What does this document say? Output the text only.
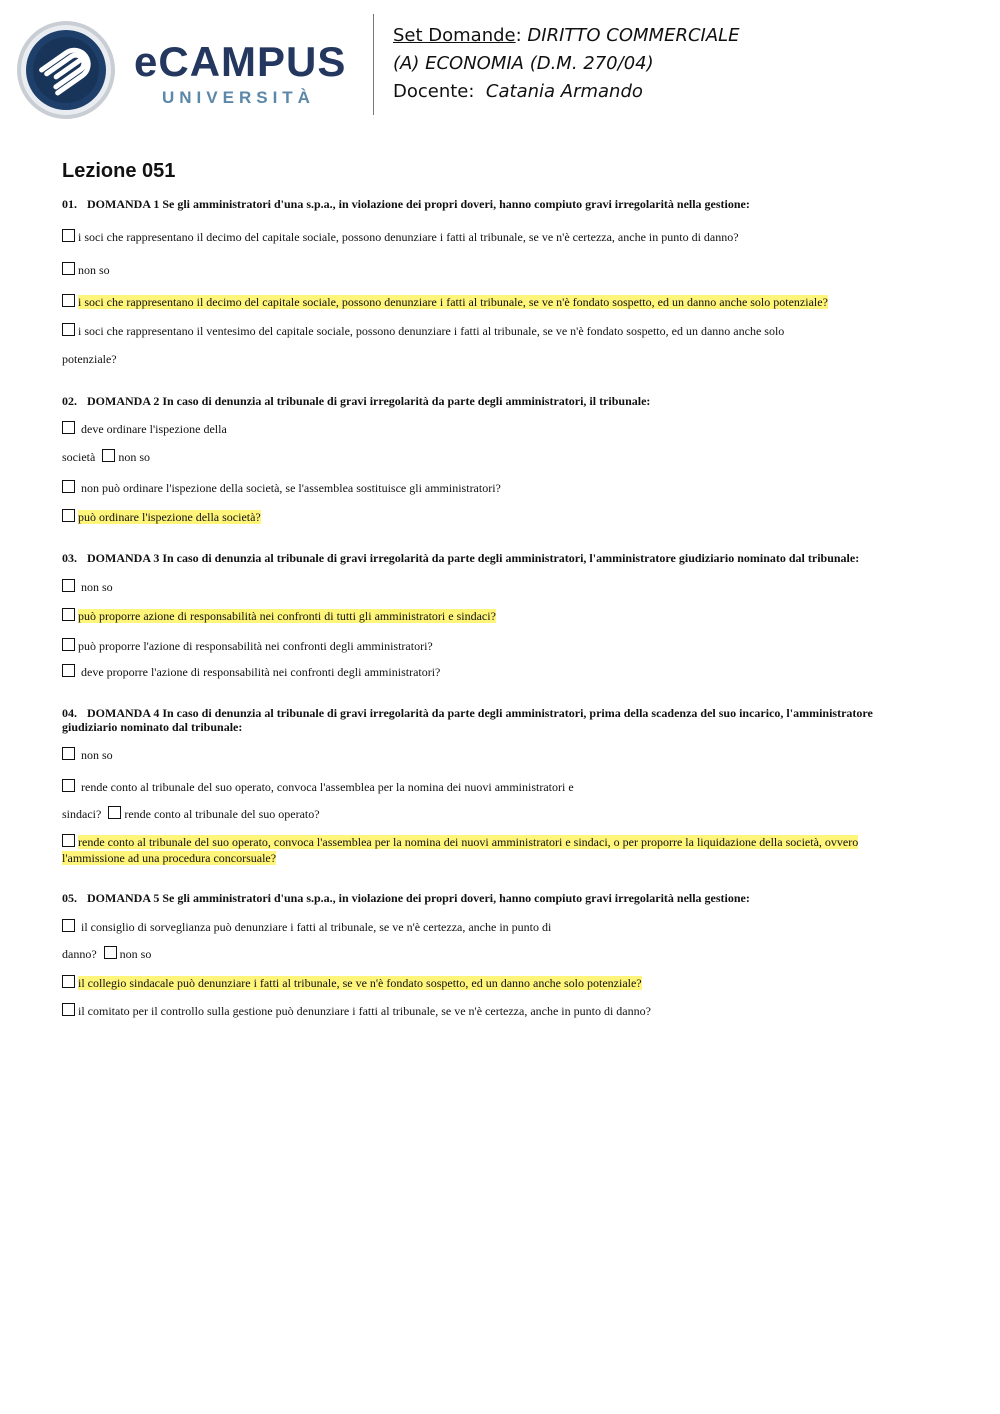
eCAMPUS
UNIVERSITÀ
Set Domande: DIRITTO COMMERCIALE
(A) ECONOMIA (D.M. 270/04)
Docente: Catania Armando
Lezione 051
01. DOMANDA 1 Se gli amministratori d'una s.p.a., in violazione dei propri doveri, hanno compiuto gravi irregolarità nella gestione:
i soci che rappresentano il decimo del capitale sociale, possono denunziare i fatti al tribunale, se ve n'è certezza, anche in punto di danno?
non so
i soci che rappresentano il decimo del capitale sociale, possono denunziare i fatti al tribunale, se ve n'è fondato sospetto, ed un danno anche solo potenziale?
i soci che rappresentano il ventesimo del capitale sociale, possono denunziare i fatti al tribunale, se ve n'è fondato sospetto, ed un danno anche solo
potenziale?
02. DOMANDA 2 In caso di denunzia al tribunale di gravi irregolarità da parte degli amministratori, il tribunale:
deve ordinare l'ispezione della
società non so
non può ordinare l'ispezione della società, se l'assemblea sostituisce gli amministratori?
può ordinare l'ispezione della società?
03. DOMANDA 3 In caso di denunzia al tribunale di gravi irregolarità da parte degli amministratori, l'amministratore giudiziario nominato dal tribunale:
non so
può proporre azione di responsabilità nei confronti di tutti gli amministratori e sindaci?
può proporre l'azione di responsabilità nei confronti degli amministratori?
deve proporre l'azione di responsabilità nei confronti degli amministratori?
04. DOMANDA 4 In caso di denunzia al tribunale di gravi irregolarità da parte degli amministratori, prima della scadenza del suo incarico, l'amministratore giudiziario nominato dal tribunale:
non so
rende conto al tribunale del suo operato, convoca l'assemblea per la nomina dei nuovi amministratori e
sindaci? rende conto al tribunale del suo operato?
rende conto al tribunale del suo operato, convoca l'assemblea per la nomina dei nuovi amministratori e sindaci, o per proporre la liquidazione della società, ovvero l'ammissione ad una procedura concorsuale?
05. DOMANDA 5 Se gli amministratori d'una s.p.a., in violazione dei propri doveri, hanno compiuto gravi irregolarità nella gestione:
il consiglio di sorveglianza può denunziare i fatti al tribunale, se ve n'è certezza, anche in punto di
danno? non so
il collegio sindacale può denunziare i fatti al tribunale, se ve n'è fondato sospetto, ed un danno anche solo potenziale?
il comitato per il controllo sulla gestione può denunziare i fatti al tribunale, se ve n'è certezza, anche in punto di danno?
